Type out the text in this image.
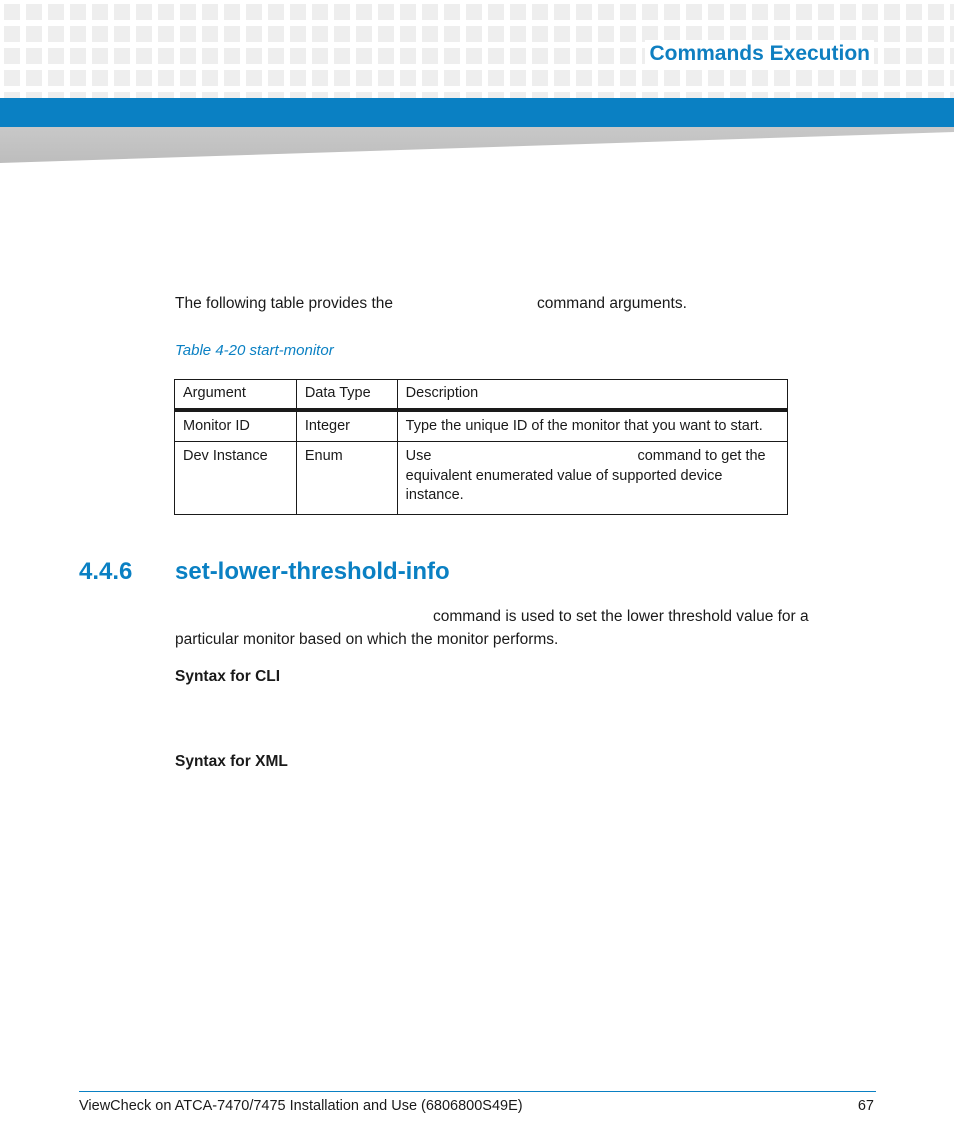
Commands Execution
The following table provides the	command arguments.
Table 4-20 start-monitor
Argument	Data Type	Description
Monitor ID	Integer	Type the unique ID of the monitor that you want to start.
Dev Instance	Enum	Use command to get the equivalent enumerated value of supported device instance.
4.4.6 set-lower-threshold-info
command is used to set the lower threshold value for a
particular monitor based on which the monitor performs.
Syntax for CLI
Syntax for XML
ViewCheck on ATCA-7470/7475 Installation and Use (6806800S49E)	67
